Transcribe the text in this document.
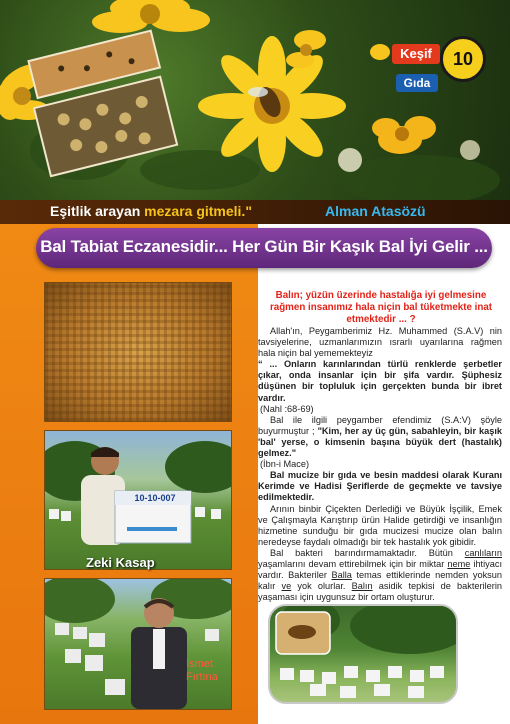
Keşif
Gıda
10
Eşitlik arayan mezara gitmeli."	Alman Atasözü
Bal Tabiat Eczanesidir... Her Gün Bir Kaşık Bal İyi Gelir ...
10-10-007
Zeki Kasap
İsmet
Fırtına
Balın; yüzün üzerinde hastalığa iyi gelmesine rağmen insanımız hala niçin bal tüketmekte inat etmektedir ... ?

Allah'ın, Peygamberimiz Hz. Muhammed (S.A.V) nin tavsiyelerine, uzmanlarımızın ısrarlı uyarılarına rağmen hala niçin bal yememekteyiz

“ ... Onların karınlarından türlü renklerde şerbetler çıkar, onda insanlar için bir şifa vardır. Şüphesiz düşünen bir topluluk için gerçekten bunda bir ibret vardır.

(Nahl :68-69)

Bal ile ilgili peygamber efendimiz (S.A:V) şöyle buyurmuştur ; "Kim, her ay üç gün, sabahleyin, bir kaşık 'bal' yerse, o kimsenin başına büyük dert (hastalık) gelmez."

(İbn-i Mace)

Bal mucize bir gıda ve besin maddesi olarak Kuranı Kerimde ve Hadisi Şeriflerde de geçmekte ve tavsiye edilmektedir.

Arının binbir Çiçekten Derlediği ve Büyük İşçilik, Emek ve Çalışmayla Karıştırıp ürün Halide getirdiği ve insanlığın hizmetine sunduğu bir gıda mucizesi mucize olan balın neredeyse faydalı olmadığı bir tek hastalık yok gibidir.

Bal bakteri barındırmamaktadır. Bütün canlıların yaşamlarını devam ettirebilmek için bir miktar neme ihtiyacı vardır. Bakteriler Balla temas ettiklerinde nemden yoksun kalır ve yok olurlar. Balın asidik tepkisi de bakterilerin yaşaması için uygunsuz bir ortam oluşturur.
